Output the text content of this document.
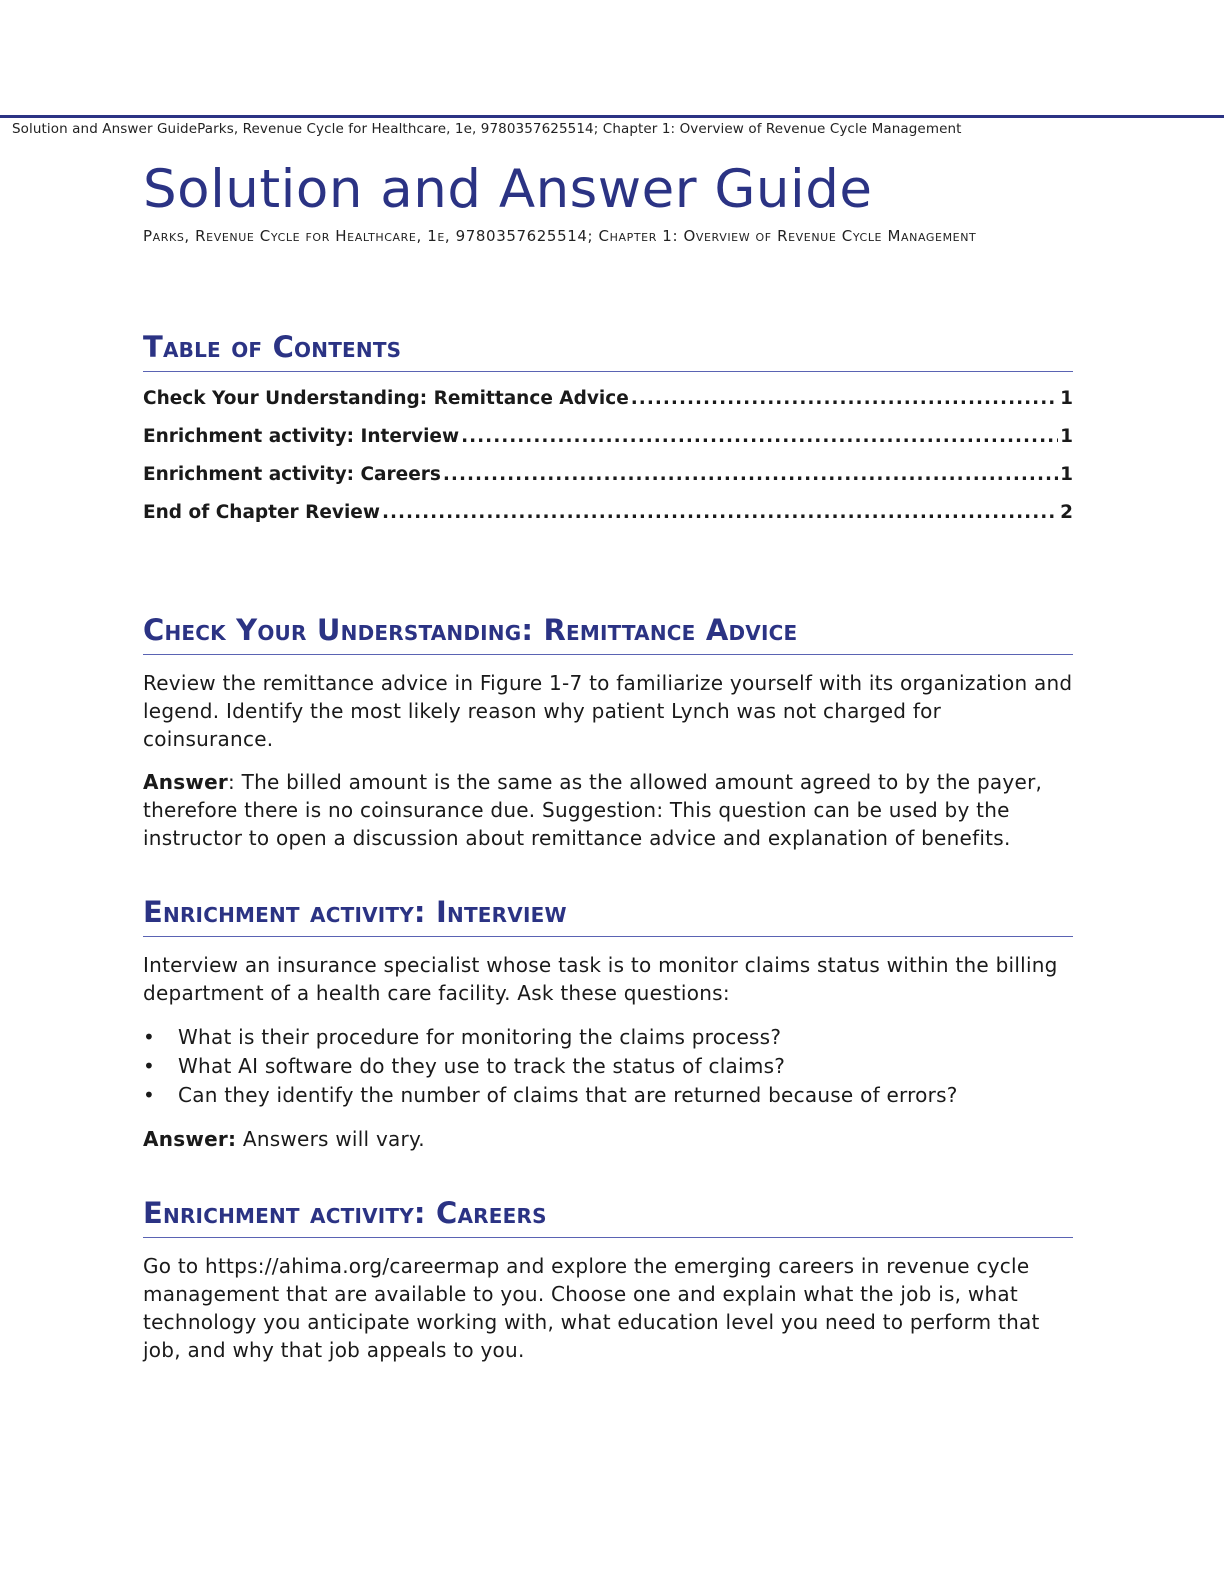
Solution and Answer GuideParks, Revenue Cycle for Healthcare, 1e, 9780357625514; Chapter 1: Overview of Revenue Cycle Management
Solution and Answer Guide
Parks, Revenue Cycle for Healthcare, 1e, 9780357625514; Chapter 1: Overview of Revenue Cycle Management
Table of Contents
Check Your Understanding: Remittance Advice .....	1
Enrichment activity: Interview .....	1
Enrichment activity: Careers .....	1
End of Chapter Review .....	2
Check Your Understanding: Remittance Advice

Review the remittance advice in Figure 1-7 to familiarize yourself with its organization and legend. Identify the most likely reason why patient Lynch was not charged for coinsurance.

Answer: The billed amount is the same as the allowed amount agreed to by the payer, therefore there is no coinsurance due. Suggestion: This question can be used by the instructor to open a discussion about remittance advice and explanation of benefits.

Enrichment activity: Interview

Interview an insurance specialist whose task is to monitor claims status within the billing department of a health care facility. Ask these questions:

• What is their procedure for monitoring the claims process?
• What AI software do they use to track the status of claims?
• Can they identify the number of claims that are returned because of errors?

Answer: Answers will vary.

Enrichment activity: Careers

Go to https://ahima.org/careermap and explore the emerging careers in revenue cycle management that are available to you. Choose one and explain what the job is, what technology you anticipate working with, what education level you need to perform that job, and why that job appeals to you.
